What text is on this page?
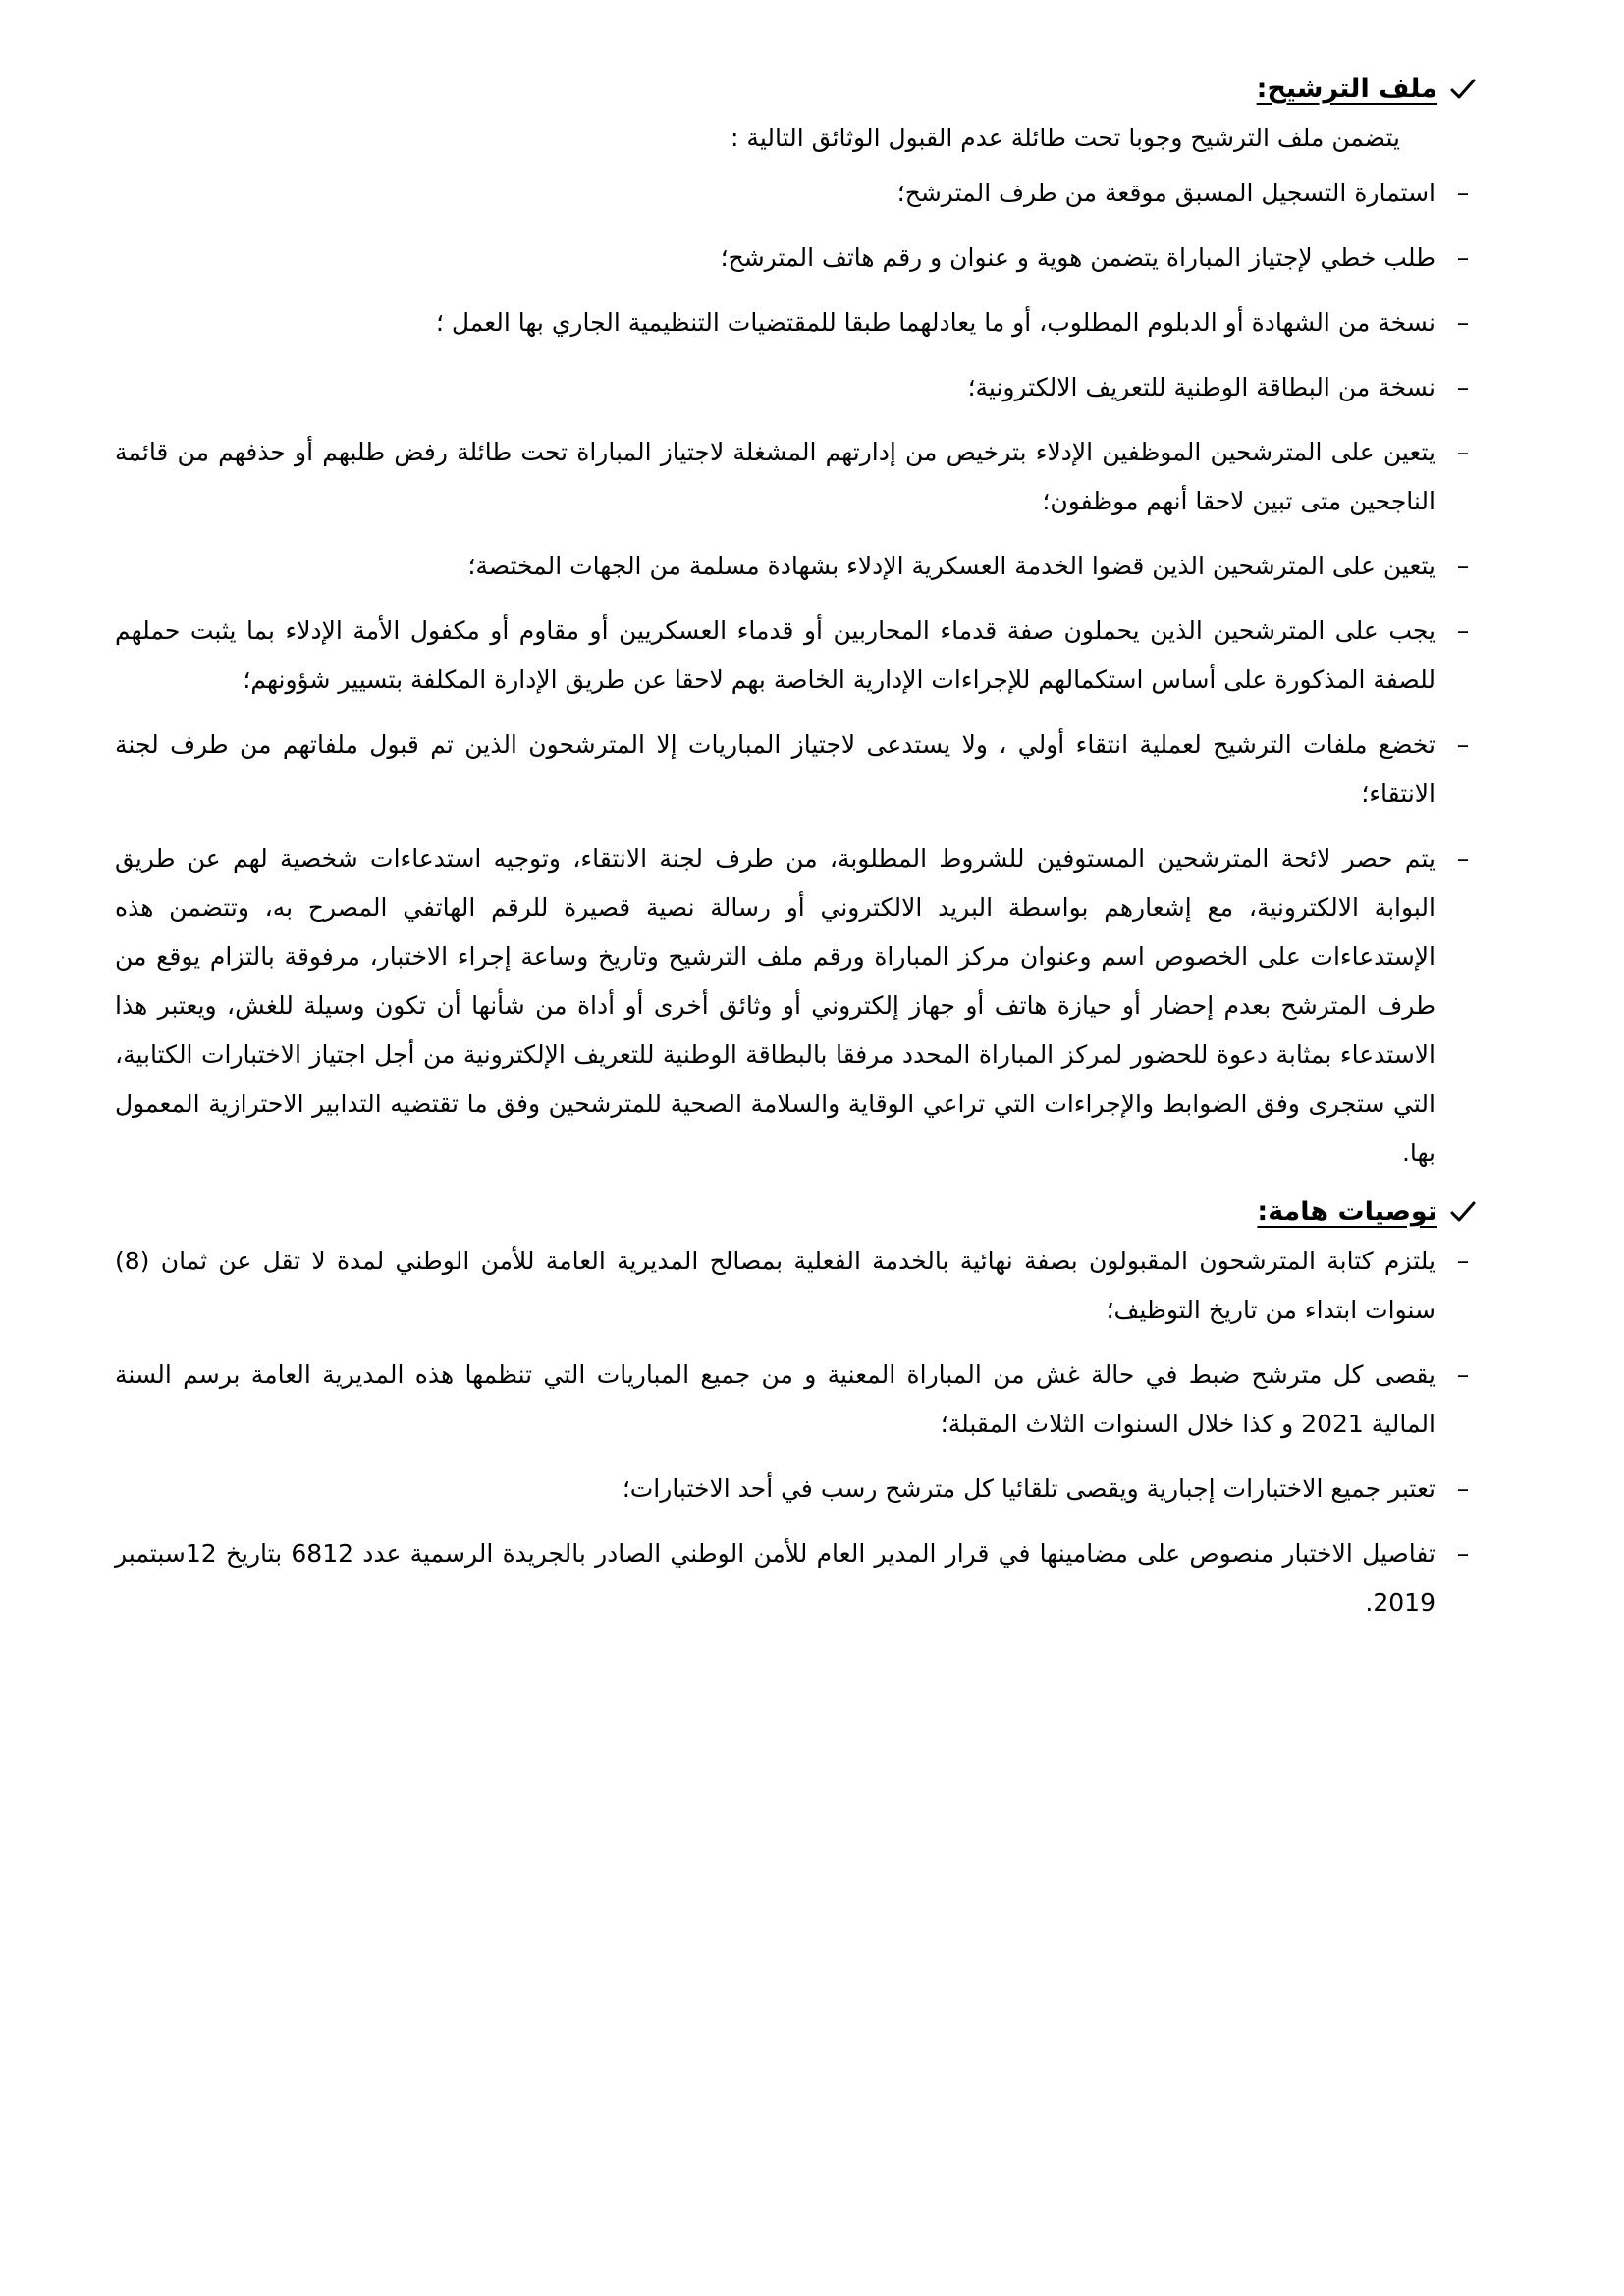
ملف الترشيح:

يتضمن ملف الترشيح وجوبا تحت طائلة عدم القبول الوثائق التالية :

–
استمارة التسجيل المسبق موقعة من طرف المترشح؛
–
طلب خطي لإجتياز المباراة يتضمن هوية و عنوان و رقم هاتف المترشح؛
–
نسخة من الشهادة أو الدبلوم المطلوب، أو ما يعادلهما طبقا للمقتضيات التنظيمية الجاري بها العمل ؛
–
نسخة من البطاقة الوطنية للتعريف الالكترونية؛
–
يتعين على المترشحين الموظفين الإدلاء بترخيص من إدارتهم المشغلة لاجتياز المباراة تحت طائلة رفض طلبهم أو حذفهم من قائمة الناجحين متى تبين لاحقا أنهم موظفون؛
–
يتعين على المترشحين الذين قضوا الخدمة العسكرية الإدلاء بشهادة مسلمة من الجهات المختصة؛
–
يجب على المترشحين الذين يحملون صفة قدماء المحاربين أو قدماء العسكريين أو مقاوم أو مكفول الأمة الإدلاء بما يثبت حملهم للصفة المذكورة على أساس استكمالهم للإجراءات الإدارية الخاصة بهم لاحقا عن طريق الإدارة المكلفة بتسيير شؤونهم؛
–
تخضع ملفات الترشيح لعملية انتقاء أولي ، ولا يستدعى لاجتياز المباريات إلا المترشحون الذين تم قبول ملفاتهم من طرف لجنة الانتقاء؛
–
يتم حصر لائحة المترشحين المستوفين للشروط المطلوبة، من طرف لجنة الانتقاء، وتوجيه استدعاءات شخصية لهم عن طريق البوابة الالكترونية، مع إشعارهم بواسطة البريد الالكتروني أو رسالة نصية قصيرة للرقم الهاتفي المصرح به، وتتضمن هذه الإستدعاءات على الخصوص اسم وعنوان مركز المباراة ورقم ملف الترشيح وتاريخ وساعة إجراء الاختبار، مرفوقة بالتزام يوقع من طرف المترشح بعدم إحضار أو حيازة هاتف أو جهاز إلكتروني أو وثائق أخرى أو أداة من شأنها أن تكون وسيلة للغش، ويعتبر هذا الاستدعاء بمثابة دعوة للحضور لمركز المباراة المحدد مرفقا بالبطاقة الوطنية للتعريف الإلكترونية من أجل اجتياز الاختبارات الكتابية، التي ستجرى وفق الضوابط والإجراءات التي تراعي الوقاية والسلامة الصحية للمترشحين وفق ما تقتضيه التدابير الاحترازية المعمول بها.
توصيات هامة:
–
يلتزم كتابة المترشحون المقبولون بصفة نهائية بالخدمة الفعلية بمصالح المديرية العامة للأمن الوطني لمدة لا تقل عن ثمان (8) سنوات ابتداء من تاريخ التوظيف؛
–
يقصى كل مترشح ضبط في حالة غش من المباراة المعنية و من جميع المباريات التي تنظمها هذه المديرية العامة برسم السنة المالية 2021 و كذا خلال السنوات الثلاث المقبلة؛
–
تعتبر جميع الاختبارات إجبارية ويقصى تلقائيا كل مترشح رسب في أحد الاختبارات؛
–
تفاصيل الاختبار منصوص على مضامينها في قرار المدير العام للأمن الوطني الصادر بالجريدة الرسمية عدد 6812 بتاريخ 12سبتمبر 2019.
